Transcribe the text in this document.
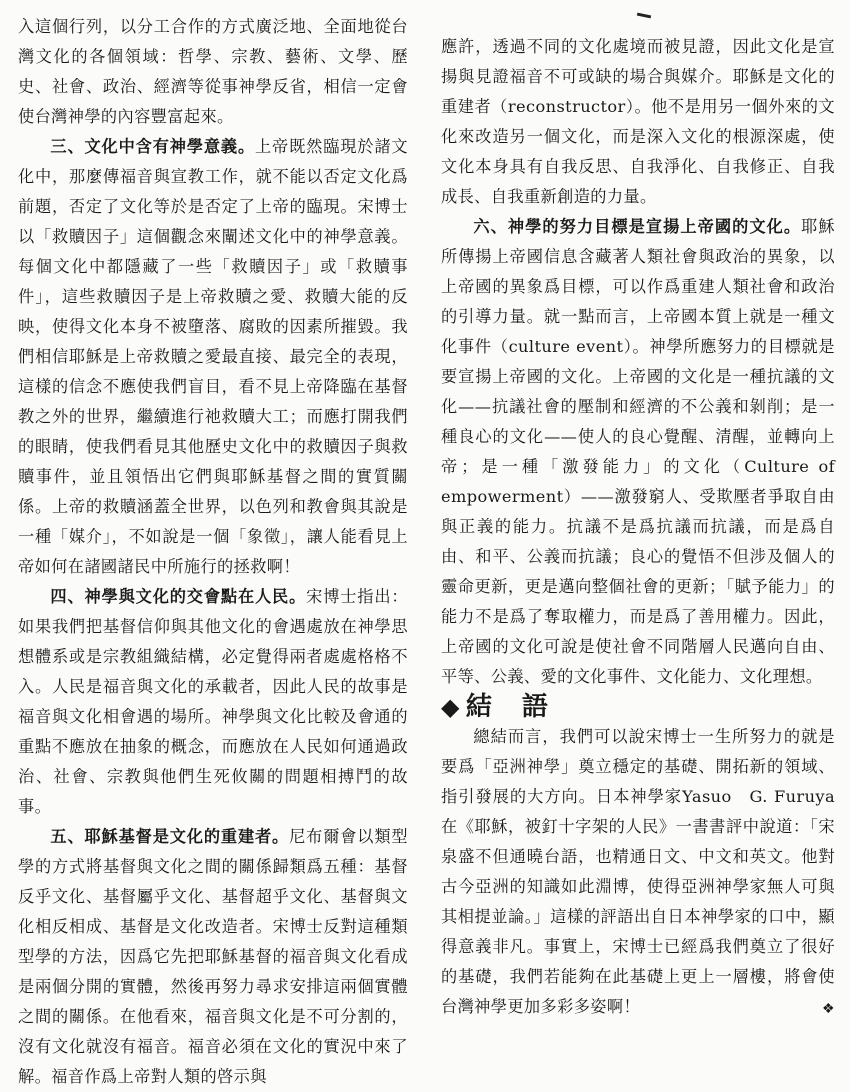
入這個行列，以分工合作的方式廣泛地、全面地從台灣文化的各個領域：哲學、宗教、藝術、文學、歷史、社會、政治、經濟等從事神學反省，相信一定會使台灣神學的內容豐富起來。

三、文化中含有神學意義。上帝既然臨現於諸文化中，那麼傳福音與宣教工作，就不能以否定文化爲前題，否定了文化等於是否定了上帝的臨現。宋博士以「救贖因子」這個觀念來闡述文化中的神學意義。每個文化中都隱藏了一些「救贖因子」或「救贖事件」，這些救贖因子是上帝救贖之愛、救贖大能的反映，使得文化本身不被墮落、腐敗的因素所摧毀。我們相信耶穌是上帝救贖之愛最直接、最完全的表現，這樣的信念不應使我們盲目，看不見上帝降臨在基督教之外的世界，繼續進行祂救贖大工；而應打開我們的眼睛，使我們看見其他歷史文化中的救贖因子與救贖事件，並且領悟出它們與耶穌基督之間的實質關係。上帝的救贖涵蓋全世界，以色列和教會與其說是一種「媒介」，不如說是一個「象徵」，讓人能看見上帝如何在諸國諸民中所施行的拯救啊！

四、神學與文化的交會點在人民。宋博士指出：如果我們把基督信仰與其他文化的會遇處放在神學思想體系或是宗教組織結構，必定覺得兩者處處格格不入。人民是福音與文化的承載者，因此人民的故事是福音與文化相會遇的場所。神學與文化比較及會通的重點不應放在抽象的概念，而應放在人民如何通過政治、社會、宗教與他們生死攸關的問題相搏鬥的故事。

五、耶穌基督是文化的重建者。尼布爾會以類型學的方式將基督與文化之間的關係歸類爲五種：基督反乎文化、基督屬乎文化、基督超乎文化、基督與文化相反相成、基督是文化改造者。宋博士反對這種類型學的方法，因爲它先把耶穌基督的福音與文化看成是兩個分開的實體，然後再努力尋求安排這兩個實體之間的關係。在他看來，福音與文化是不可分割的，沒有文化就沒有福音。福音必須在文化的實況中來了解。福音作爲上帝對人類的啓示與

應許，透過不同的文化處境而被見證，因此文化是宣揚與見證福音不可或缺的場合與媒介。耶穌是文化的重建者（reconstructor）。他不是用另一個外來的文化來改造另一個文化，而是深入文化的根源深處，使文化本身具有自我反思、自我淨化、自我修正、自我成長、自我重新創造的力量。

六、神學的努力目標是宣揚上帝國的文化。耶穌所傳揚上帝國信息含藏著人類社會與政治的異象，以上帝國的異象爲目標，可以作爲重建人類社會和政治的引導力量。就一點而言，上帝國本質上就是一種文化事件（culture event）。神學所應努力的目標就是要宣揚上帝國的文化。上帝國的文化是一種抗議的文化——抗議社會的壓制和經濟的不公義和剝削；是一種良心的文化——使人的良心覺醒、清醒，並轉向上帝；是一種「激發能力」的文化（Culture of empowerment）——激發窮人、受欺壓者爭取自由與正義的能力。抗議不是爲抗議而抗議，而是爲自由、和平、公義而抗議；良心的覺悟不但涉及個人的靈命更新，更是邁向整個社會的更新；「賦予能力」的能力不是爲了奪取權力，而是爲了善用權力。因此，上帝國的文化可說是使社會不同階層人民邁向自由、平等、公義、愛的文化事件、文化能力、文化理想。

◆ 結語

總結而言，我們可以說宋博士一生所努力的就是要爲「亞洲神學」奠立穩定的基礎、開拓新的領域、指引發展的大方向。日本神學家Yasuo　G. Furuya在《耶穌，被釘十字架的人民》一書書評中說道：「宋泉盛不但通曉台語，也精通日文、中文和英文。他對古今亞洲的知識如此淵博，使得亞洲神學家無人可與其相提並論。」這樣的評語出自日本神學家的口中，顯得意義非凡。事實上，宋博士已經爲我們奠立了很好的基礎，我們若能夠在此基礎上更上一層樓，將會使台灣神學更加多彩多姿啊！	❖
